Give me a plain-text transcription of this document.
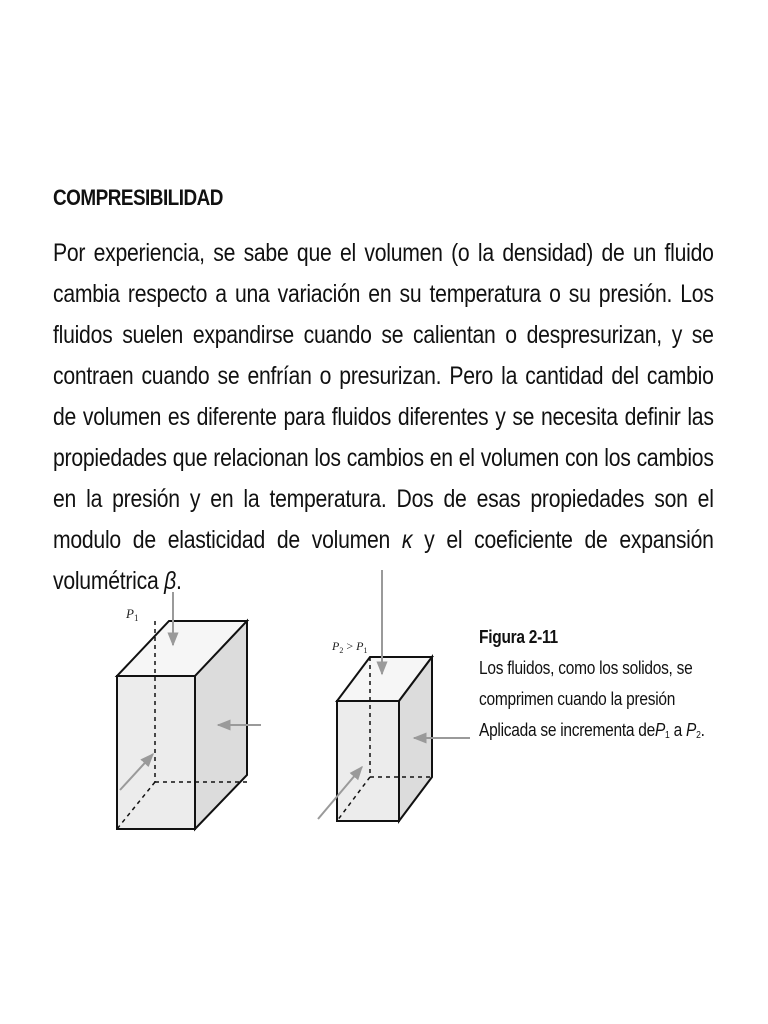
COMPRESIBILIDAD

Por experiencia, se sabe que el volumen (o la densidad) de un fluido cambia respecto a una variación en su temperatura o su presión. Los fluidos suelen expandirse cuando se calientan o despresurizan, y se contraen cuando se enfrían o presurizan. Pero la cantidad del cambio de volumen es diferente para fluidos diferentes y se necesita definir las propiedades que relacionan los cambios en el volumen con los cambios en la presión y en la temperatura. Dos de esas propiedades son el modulo de elasticidad de volumen κ y el coeficiente de expansión volumétrica β.

$P_1$
$P_2 > P_1$
Figura 2-11
Los fluidos, como los solidos, se
comprimen cuando la presión
Aplicada se incrementa deP$_1$ a $P_2$.
